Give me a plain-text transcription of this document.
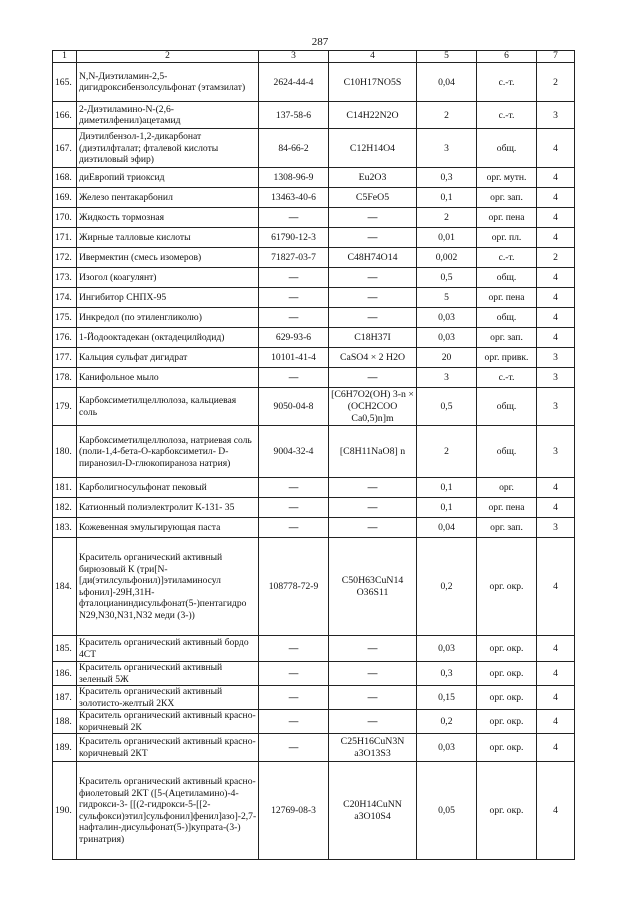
287
1	2	3	4	5	6	7
165.	N,N-Диэтиламин-2,5-дигидроксибензолсульфонат (этамзилат)	2624-44-4	C10H17NO5S	0,04	с.-т.	2
166.	2-Диэтиламино-N-(2,6-диметилфенил)ацетамид	137-58-6	C14H22N2O	2	с.-т.	3
167.	Диэтилбензол-1,2-дикарбонат (диэтилфталат; фталевой кислоты диэтиловый эфир)	84-66-2	C12H14O4	3	общ.	4
168.	диЕвропий триоксид	1308-96-9	Eu2O3	0,3	орг. мутн.	4
169.	Железо пентакарбонил	13463-40-6	C5FeO5	0,1	орг. зап.	4
170.	Жидкость тормозная	—	—	2	орг. пена	4
171.	Жирные талловые кислоты	61790-12-3	—	0,01	орг. пл.	4
172.	Ивермектин (смесь изомеров)	71827-03-7	C48H74O14	0,002	с.-т.	2
173.	Изогол (коагулянт)	—	—	0,5	общ.	4
174.	Ингибитор СНПХ-95	—	—	5	орг. пена	4
175.	Инкредол (по этиленгликолю)	—	—	0,03	общ.	4
176.	1-Йодооктадекан (октадецилйодид)	629-93-6	C18H37I	0,03	орг. зап.	4
177.	Кальция сульфат дигидрат	10101-41-4	CaSO4 × 2 H2O	20	орг. привк.	3
178.	Канифольное мыло	—	—	3	с.-т.	3
179.	Карбоксиметилцеллюлоза, кальциевая соль	9050-04-8	[C6H7O2(OH) 3-n × (OCH2COO Ca0,5)n]m	0,5	общ.	3
180.	Карбоксиметилцеллюлоза, натриевая соль (поли-1,4-бета-О-карбоксиметил- D-пиранозил-D-глюкопираноза натрия)	9004-32-4	[C8H11NaO8] n	2	общ.	3
181.	Карболигносульфонат пековый	—	—	0,1	орг.	4
182.	Катионный полиэлектролит К-131- 35	—	—	0,1	орг. пена	4
183.	Кожевенная эмульгирующая паста	—	—	0,04	орг. зап.	3
184.	Краситель органический активный бирюзовый К (три[N-[ди(этилсульфонил)]этиламиносул ьфонил]-29Н,31Н-фталоцианиндисульфонат(5-)пентагидро N29,N30,N31,N32 меди (3-))	108778-72-9	C50H63CuN14 O36S11	0,2	орг. окр.	4
185.	Краситель органический активный бордо 4СТ	—	—	0,03	орг. окр.	4
186.	Краситель органический активный зеленый 5Ж	—	—	0,3	орг. окр.	4
187.	Краситель органический активный золотисто-желтый 2КХ	—	—	0,15	орг. окр.	4
188.	Краситель органический активный красно-коричневый 2К	—	—	0,2	орг. окр.	4
189.	Краситель органический активный красно-коричневый 2КТ	—	C25H16CuN3N a3O13S3	0,03	орг. окр.	4
190.	Краситель органический активный красно-фиолетовый 2КТ ([5-(Ацетиламино)-4-гидрокси-3- [[(2-гидрокси-5-[[2-сульфокси)этил]сульфонил]фенил]азо]-2,7-нафталин-дисульфонат(5-)]купрата-(3-) тринатрия)	12769-08-3	C20H14CuNN a3O10S4	0,05	орг. окр.	4
